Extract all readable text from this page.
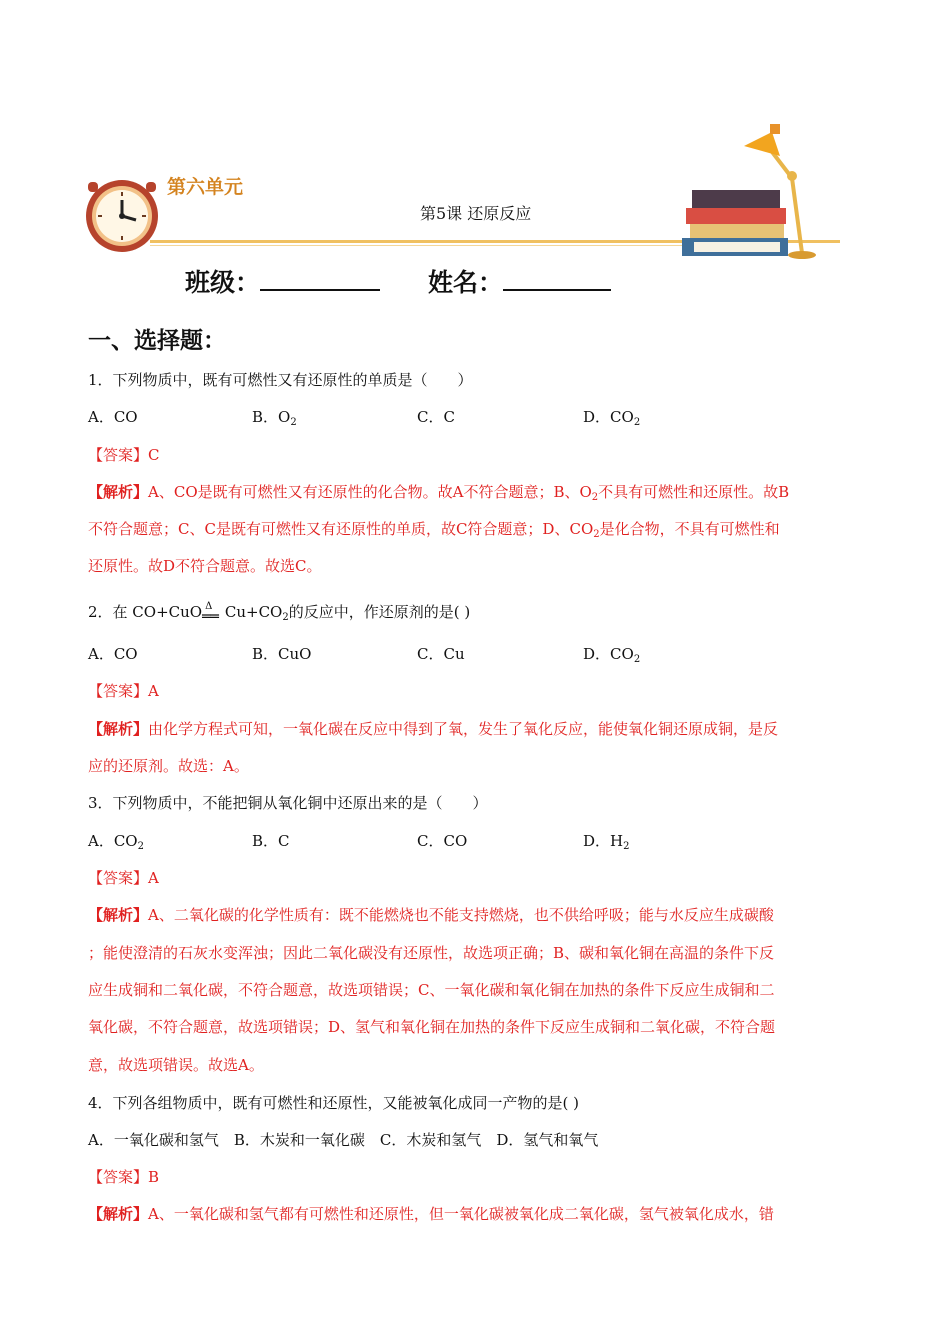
第六单元
第5课 还原反应
班级：	姓名：
一、选择题：
1．下列物质中，既有可燃性又有还原性的单质是（　　）
A．CO	B．$O_2$	C．C	D．$CO_2$
【答案】C
【解析】A、CO是既有可燃性又有还原性的化合物。故A不符合题意；B、$O_2$不具有可燃性和还原性。故B
不符合题意；C、C是既有可燃性又有还原性的单质，故C符合题意；D、$CO_2$是化合物，不具有可燃性和
还原性。故D不符合题意。故选C。
2．在 CO+CuO Δ
══ $Cu+CO_2$的反应中，作还原剂的是( )
A．CO	B．CuO	C．Cu	D．$CO_2$
【答案】A
【解析】由化学方程式可知，一氧化碳在反应中得到了氧，发生了氧化反应，能使氧化铜还原成铜，是反
应的还原剂。故选：A。
3．下列物质中，不能把铜从氧化铜中还原出来的是（　　）
A．$CO_2$	B．C	C．CO	D．$H_2$
【答案】A
【解析】A、二氧化碳的化学性质有：既不能燃烧也不能支持燃烧，也不供给呼吸；能与水反应生成碳酸
；能使澄清的石灰水变浑浊；因此二氧化碳没有还原性，故选项正确；B、碳和氧化铜在高温的条件下反
应生成铜和二氧化碳，不符合题意，故选项错误；C、一氧化碳和氧化铜在加热的条件下反应生成铜和二
氧化碳，不符合题意，故选项错误；D、氢气和氧化铜在加热的条件下反应生成铜和二氧化碳，不符合题
意，故选项错误。故选A。
4．下列各组物质中，既有可燃性和还原性，又能被氧化成同一产物的是( )
A．一氧化碳和氢气　B．木炭和一氧化碳　C．木炭和氢气　D．氢气和氧气
【答案】B
【解析】A、一氧化碳和氢气都有可燃性和还原性，但一氧化碳被氧化成二氧化碳，氢气被氧化成水，错
